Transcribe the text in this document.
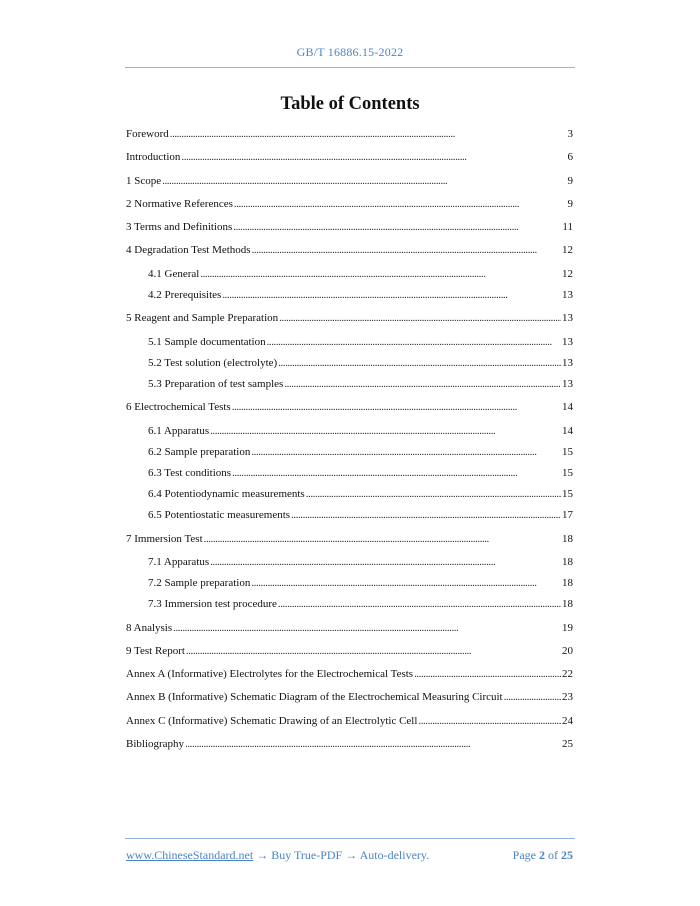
GB/T 16886.15-2022
Table of Contents
Foreword . . .	3
Introduction . . .	6
1 Scope . . .	9
2 Normative References . . .	9
3 Terms and Definitions . . .	11
4 Degradation Test Methods . . .	12
4.1 General . . .	12
4.2 Prerequisites . . .	13
5 Reagent and Sample Preparation . . .	13
5.1 Sample documentation . . .	13
5.2 Test solution (electrolyte) . . .	13
5.3 Preparation of test samples . . .	13
6 Electrochemical Tests . . .	14
6.1 Apparatus . . .	14
6.2 Sample preparation . . .	15
6.3 Test conditions . . .	15
6.4 Potentiodynamic measurements . . .	15
6.5 Potentiostatic measurements . . .	17
7 Immersion Test . . .	18
7.1 Apparatus . . .	18
7.2 Sample preparation . . .	18
7.3 Immersion test procedure . . .	18
8 Analysis . . .	19
9 Test Report . . .	20
Annex A (Informative) Electrolytes for the Electrochemical Tests . . .	22
Annex B (Informative) Schematic Diagram of the Electrochemical Measuring Circuit . . .	23
Annex C (Informative) Schematic Drawing of an Electrolytic Cell . . .	24
Bibliography . . .	25
www.ChineseStandard.net → Buy True-PDF → Auto-delivery.	Page 2 of 25
